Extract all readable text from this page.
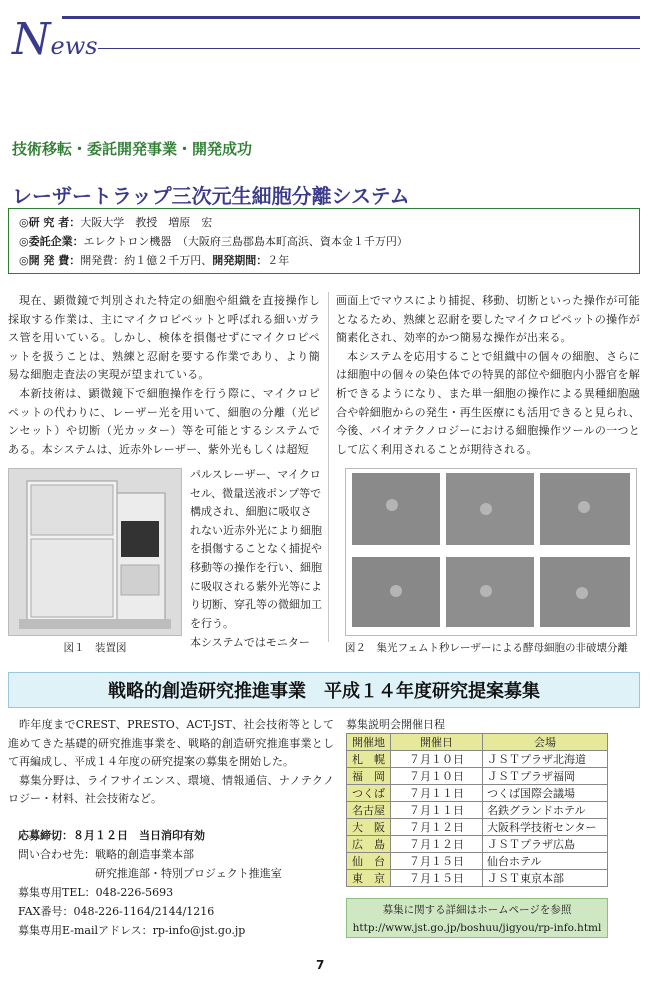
News
技術移転・委託開発事業・開発成功
レーザートラップ三次元生細胞分離システム
◎研 究 者：大阪大学　教授　増原　宏
◎委託企業：エレクトロン機器　（大阪府三島郡島本町高浜、資本金１千万円）
◎開 発 費：開発費：約１億２千万円、開発期間：２年

現在、顕微鏡で判別された特定の細胞や組織を直接操作し採取する作業は、主にマイクロピペットと呼ばれる細いガラス管を用いている。しかし、検体を損傷せずにマイクロピペットを扱うことは、熟練と忍耐を要する作業であり、より簡易な細胞走査法の実現が望まれている。

本新技術は、顕微鏡下で細胞操作を行う際に、マイクロピペットの代わりに、レーザー光を用いて、細胞の分離（光ピンセット）や切断（光カッター）等を可能とするシステムである。本システムは、近赤外レーザー、紫外光もしくは超短

画面上でマウスにより捕捉、移動、切断といった操作が可能となるため、熟練と忍耐を要したマイクロピペットの操作が簡素化され、効率的かつ簡易な操作が出来る。

本システムを応用することで組織中の個々の細胞、さらには細胞中の個々の染色体での特異的部位や細胞内小器官を解析できるようになり、また単一細胞の操作による異種細胞融合や幹細胞からの発生・再生医療にも活用できると見られ、今後、バイオテクノロジーにおける細胞操作ツールの一つとして広く利用されることが期待される。

パルスレーザー、マイクロセル、微量送液ポンプ等で構成され、細胞に吸収されない近赤外光により細胞を損傷することなく捕捉や移動等の操作を行い、細胞に吸収される紫外光等により切断、穿孔等の微細加工を行う。
本システムではモニター
図１　装置図	図２　集光フェムト秒レーザーによる酵母細胞の非破壊分離
戦略的創造研究推進事業　平成１４年度研究提案募集

昨年度までCREST、PRESTO、ACT-JST、社会技術等として進めてきた基礎的研究推進事業を、戦略的創造研究推進事業として再編成し、平成１４年度の研究提案の募集を開始した。

募集分野は、ライフサイエンス、環境、情報通信、ナノテクノロジー・材料、社会技術など。

応募締切：８月１２日　当日消印有効
問い合わせ先：戦略的創造事業本部
研究推進部・特別プロジェクト推進室
募集専用TEL：048-226-5693
FAX番号：048-226-1164/2144/1216
募集専用E-mailアドレス：rp-info@jst.go.jp
募集説明会開催日程
開催地	開催日	会場
札　幌	７月１０日	ＪＳＴプラザ北海道
福　岡	７月１０日	ＪＳＴプラザ福岡
つくば	７月１１日	つくば国際会議場
名古屋	７月１１日	名鉄グランドホテル
大　阪	７月１２日	大阪科学技術センター
広　島	７月１２日	ＪＳＴプラザ広島
仙　台	７月１５日	仙台ホテル
東　京	７月１５日	ＪＳＴ東京本部
募集に関する詳細はホームページを参照
http://www.jst.go.jp/boshuu/jigyou/rp-info.html
7
